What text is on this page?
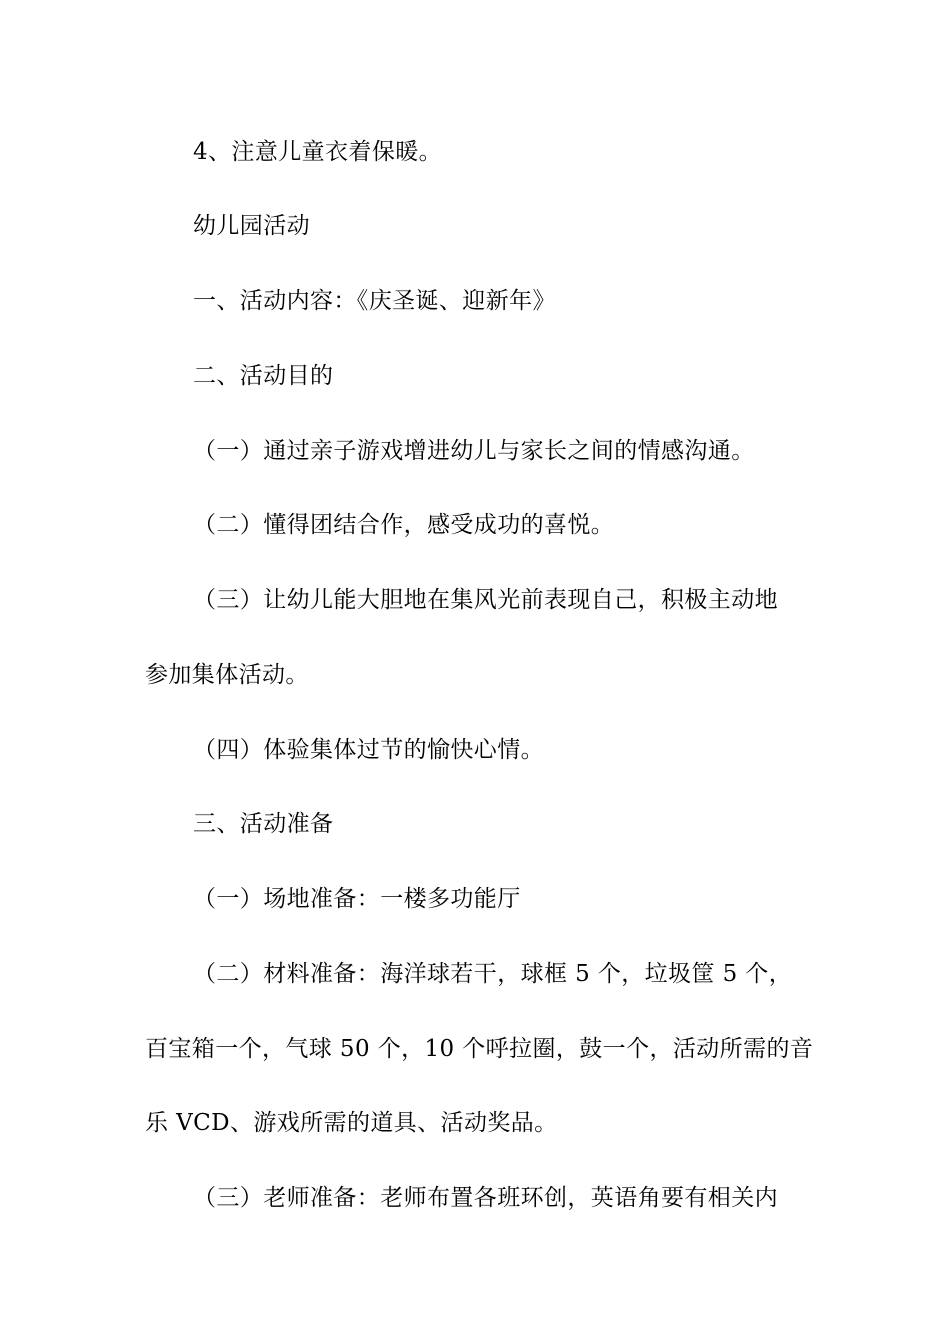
4、注意儿童衣着保暖。
幼儿园活动
一、活动内容：《庆圣诞、迎新年》
二、活动目的
（一）通过亲子游戏增进幼儿与家长之间的情感沟通。
（二）懂得团结合作，感受成功的喜悦。
（三）让幼儿能大胆地在集风光前表现自己，积极主动地
参加集体活动。
（四）体验集体过节的愉快心情。
三、活动准备
（一）场地准备：一楼多功能厅
（二）材料准备：海洋球若干，球框 5 个，垃圾筐 5 个，
百宝箱一个，气球 50 个，10 个呼拉圈，鼓一个，活动所需的音
乐 VCD、游戏所需的道具、活动奖品。
（三）老师准备：老师布置各班环创，英语角要有相关内
